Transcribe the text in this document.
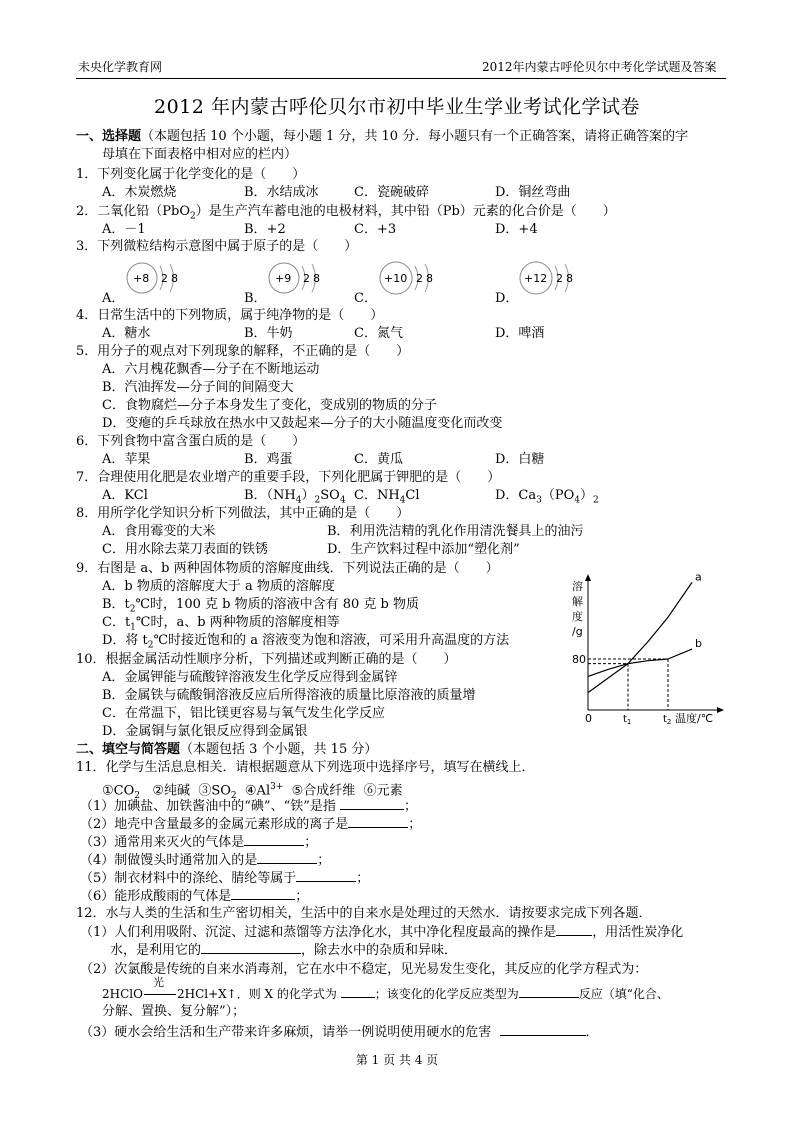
未央化学教育网	2012年内蒙古呼伦贝尔中考化学试题及答案
2012 年内蒙古呼伦贝尔市初中毕业生学业考试化学试卷
一、选择题（本题包括 10 个小题，每小题 1 分，共 10 分．每小题只有一个正确答案，请将正确答案的字
母填在下面表格中相对应的栏内）
1．下列变化属于化学变化的是（　　）
A．木炭燃烧	B．水结成冰	C．瓷碗破碎	D．铜丝弯曲
2．二氧化铅（PbO$_2$）是生产汽车蓄电池的电极材料，其中铅（Pb）元素的化合价是（　　）
A．－1	B．+2	C．+3	D．+4
3．下列微粒结构示意图中属于原子的是（　　）
A．	B．	C．	D．
+8 2 8	+9 2 8	+10 2 8	+12 2 8
4．日常生活中的下列物质，属于纯净物的是（　　）
A．糖水	B．牛奶	C．氮气	D．啤酒
5．用分子的观点对下列现象的解释，不正确的是（　　）
A．六月槐花飘香—分子在不断地运动
B．汽油挥发—分子间的间隔变大
C．食物腐烂—分子本身发生了变化，变成别的物质的分子
D．变瘪的乒乓球放在热水中又鼓起来—分子的大小随温度变化而改变
6．下列食物中富含蛋白质的是（　　）
A．苹果	B．鸡蛋	C．黄瓜	D．白糖
7．合理使用化肥是农业增产的重要手段，下列化肥属于钾肥的是（　　）
A．KCl	B．$(NH_4)_2SO_4$ C．$NH_4Cl$	D．$Ca_3(PO_4)_2$
8．用所学化学知识分析下列做法，其中正确的是（　　）
A．食用霉变的大米	B．利用洗洁精的乳化作用清洗餐具上的油污
C．用水除去菜刀表面的铁锈	D．生产饮料过程中添加“塑化剂”
9．右图是 a、b 两种固体物质的溶解度曲线．下列说法正确的是（　　）
A．b 物质的溶解度大于 a 物质的溶解度
B．$t_2℃$时，100 克 b 物质的溶液中含有 80 克 b 物质
C．$t_1℃$时，a、b 两种物质的溶解度相等
D．将 $t_2℃$时接近饱和的 a 溶液变为饱和溶液，可采用升高温度的方法
10．根据金属活动性顺序分析，下列描述或判断正确的是（　　）
A．金属钾能与硫酸锌溶液发生化学反应得到金属锌
B．金属铁与硫酸铜溶液反应后所得溶液的质量比原溶液的质量增
C．在常温下，铝比镁更容易与氧气发生化学反应
D．金属铜与氯化银反应得到金属银
溶
解
度
/g
0
80
温度/℃
a
b
$t_1$	$t_2$
二、填空与简答题（本题包括 3 个小题，共 15 分）
11．化学与生活息息相关．请根据题意从下列选项中选择序号，填写在横线上．
$①CO_2$ ②纯碱 $③SO_2$ $④Al^{3+}$ ⑤合成纤维 ⑥元素
（1）加碘盐、加铁酱油中的“碘”、“铁”是指	；
（2）地壳中含量最多的金属元素形成的离子是	；
（3）通常用来灭火的气体是	；
（4）制做馒头时通常加入的是	；
（5）制衣材料中的涤纶、腈纶等属于	；
（6）能形成酸雨的气体是	；
12．水与人类的生活和生产密切相关，生活中的自来水是处理过的天然水．请按要求完成下列各题．
（1）人们利用吸附、沉淀、过滤和蒸馏等方法净化水，其中净化程度最高的操作是	，用活性炭净化
水，是利用它的	，除去水中的杂质和异味．
（2）次氯酸是传统的自来水消毒剂，它在水中不稳定，见光易发生变化，其反应的化学方程式为：
2HClO
光
2HCl+X↑．则 X 的化学式为	；该变化的化学反应类型为	反应（填“化合、
分解、置换、复分解”）；
（3）硬水会给生活和生产带来许多麻烦，请举一例说明使用硬水的危害	．
第 1 页 共 4 页
